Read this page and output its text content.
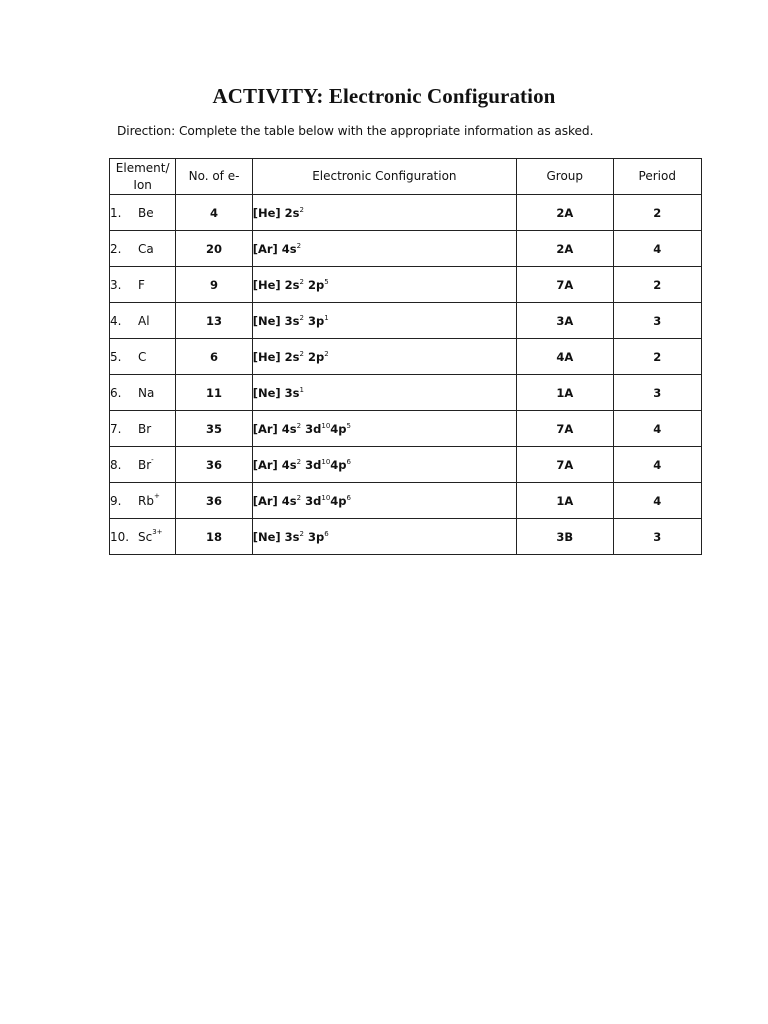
ACTIVITY: Electronic Configuration
Direction: Complete the table below with the appropriate information as asked.
Element/
Ion	No. of e-	Electronic Configuration	Group	Period
1. Be	4	[He] $2s^2$	2A	2
2. Ca	20	[Ar] $4s^2$	2A	4
3. F	9	[He] $2s^2$ $2p^5$	7A	2
4. Al	13	[Ne] $3s^2$ $3p^1$	3A	3
5. C	6	[He] $2s^2$ $2p^2$	4A	2
6. Na	11	[Ne] $3s^1$	1A	3
7. Br	35	[Ar] $4s^2$ $3d^{10}4p^5$	7A	4
8. Br-	36	[Ar] $4s^2$ $3d^{10}4p^6$	7A	4
9. Rb+	36	[Ar] $4s^2$ $3d^{10}4p^6$	1A	4
10. $Sc^{3+}$	18	[Ne] $3s^2$ $3p^6$	3B	3
